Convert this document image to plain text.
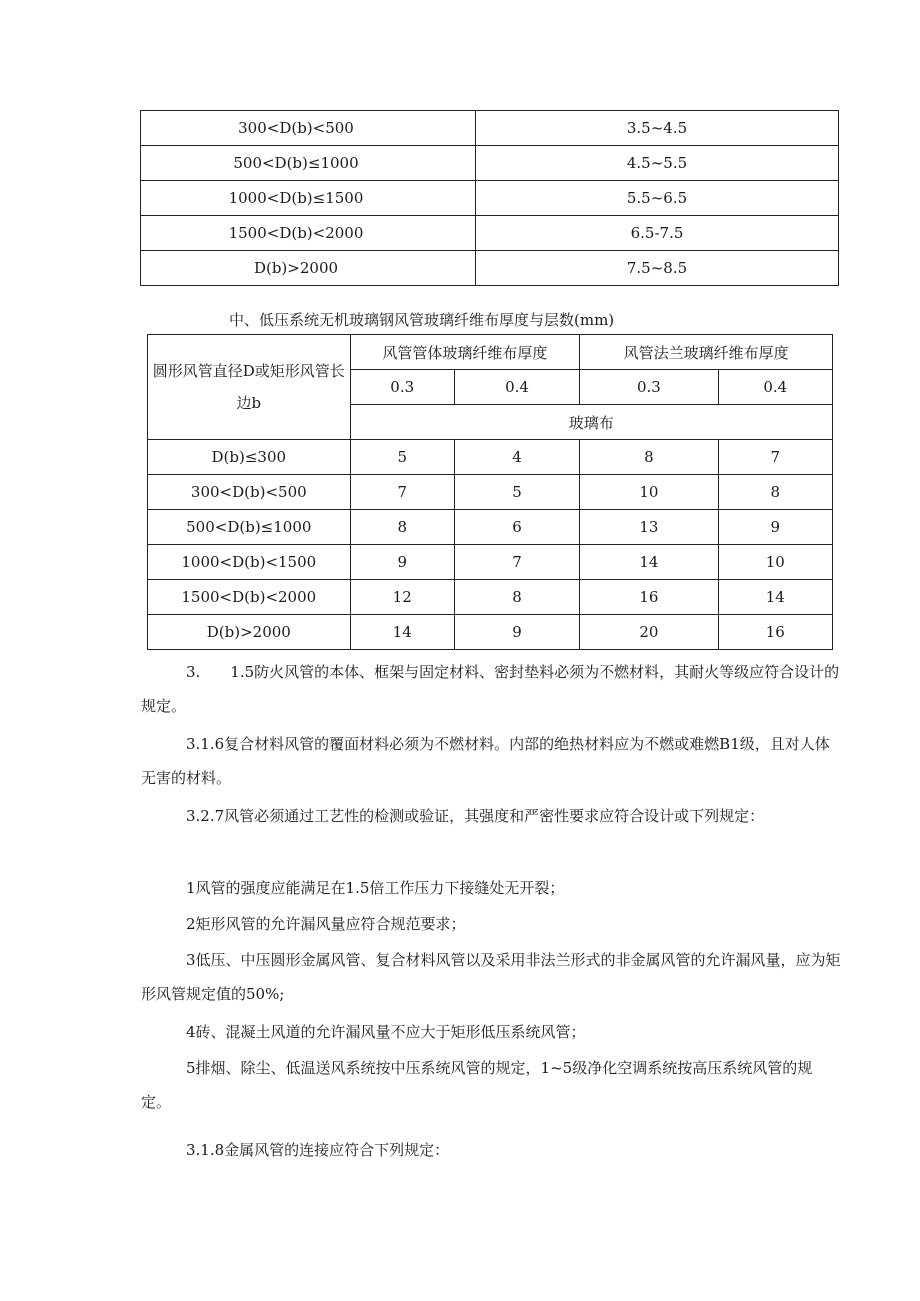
300<D(b)<500	3.5~4.5
500<D(b)≤1000	4.5~5.5
1000<D(b)≤1500	5.5~6.5
1500<D(b)<2000	6.5-7.5
D(b)>2000	7.5~8.5
中、低压系统无机玻璃钢风管玻璃纤维布厚度与层数(mm)
圆形风管直径D或矩形风管长边b	风管管体玻璃纤维布厚度		风管法兰玻璃纤维布厚度	
	0.3	0.4	0.3	0.4
	玻璃布			
D(b)≤300	5	4	8	7
300<D(b)<500	7	5	10	8
500<D(b)≤1000	8	6	13	9
1000<D(b)<1500	9	7	14	10
1500<D(b)<2000	12	8	16	14
D(b)>2000	14	9	20	16

3.　　1.5防火风管的本体、框架与固定材料、密封垫料必须为不燃材料，其耐火等级应符合设计的规定。

3.1.6复合材料风管的覆面材料必须为不燃材料。内部的绝热材料应为不燃或难燃B1级，且对人体无害的材料。

3.2.7风管必须通过工艺性的检测或验证，其强度和严密性要求应符合设计或下列规定：

1风管的强度应能满足在1.5倍工作压力下接缝处无开裂；

2矩形风管的允许漏风量应符合规范要求；

3低压、中压圆形金属风管、复合材料风管以及采用非法兰形式的非金属风管的允许漏风量，应为矩形风管规定值的50%;

4砖、混凝土风道的允许漏风量不应大于矩形低压系统风管；

5排烟、除尘、低温送风系统按中压系统风管的规定，1~5级净化空调系统按高压系统风管的规定。

3.1.8金属风管的连接应符合下列规定：
